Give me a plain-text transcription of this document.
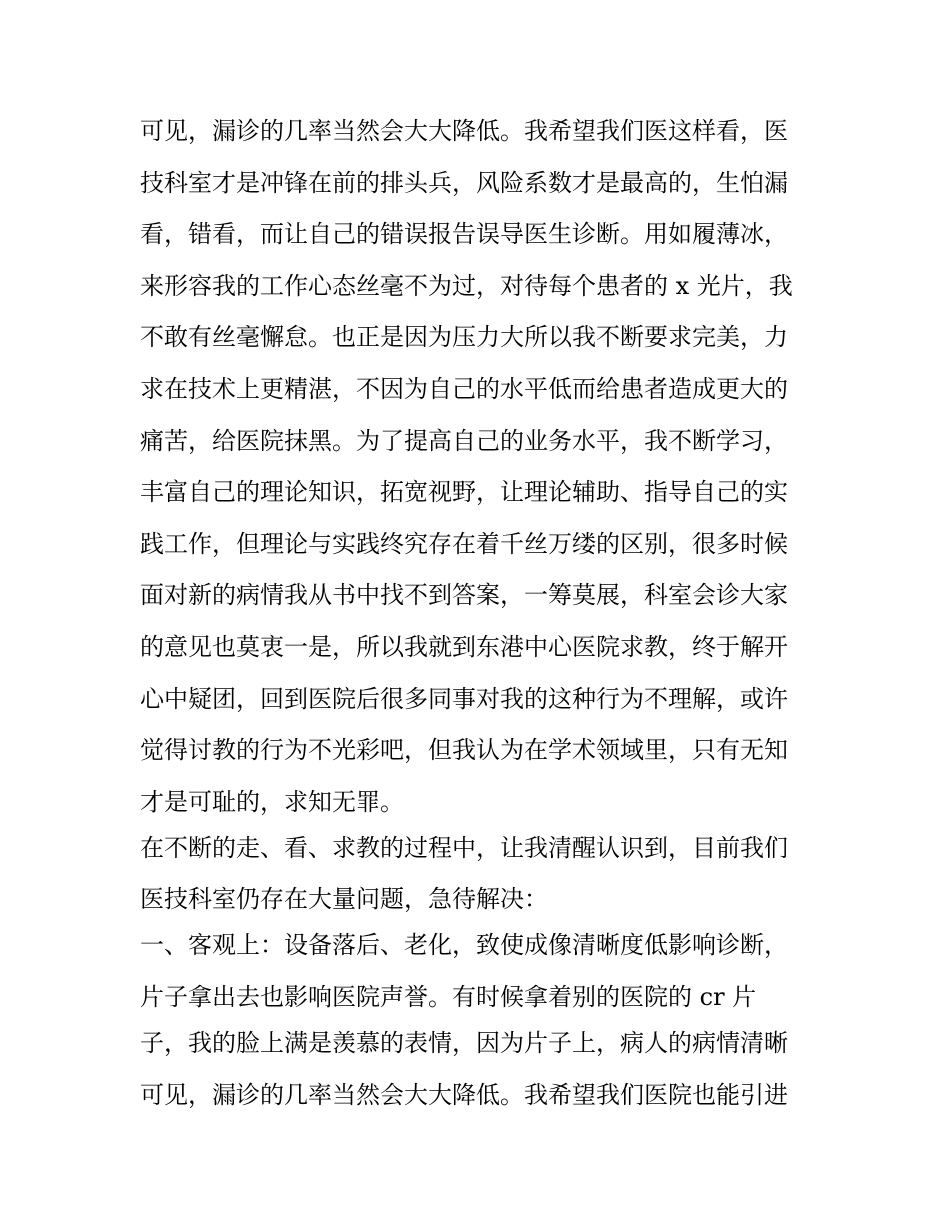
可见，漏诊的几率当然会大大降低。我希望我们医这样看，医
技科室才是冲锋在前的排头兵，风险系数才是最高的，生怕漏
看，错看，而让自己的错误报告误导医生诊断。用如履薄冰，
来形容我的工作心态丝毫不为过，对待每个患者的 x 光片，我
不敢有丝毫懈怠。也正是因为压力大所以我不断要求完美，力
求在技术上更精湛，不因为自己的水平低而给患者造成更大的
痛苦，给医院抹黑。为了提高自己的业务水平，我不断学习，
丰富自己的理论知识，拓宽视野，让理论辅助、指导自己的实
践工作，但理论与实践终究存在着千丝万缕的区别，很多时候
面对新的病情我从书中找不到答案，一筹莫展，科室会诊大家
的意见也莫衷一是，所以我就到东港中心医院求教，终于解开
心中疑团，回到医院后很多同事对我的这种行为不理解，或许
觉得讨教的行为不光彩吧，但我认为在学术领域里，只有无知
才是可耻的，求知无罪。
在不断的走、看、求教的过程中，让我清醒认识到，目前我们
医技科室仍存在大量问题，急待解决：
一、客观上：设备落后、老化，致使成像清晰度低影响诊断，
片子拿出去也影响医院声誉。有时候拿着别的医院的 cr 片
子，我的脸上满是羡慕的表情，因为片子上，病人的病情清晰
可见，漏诊的几率当然会大大降低。我希望我们医院也能引进
